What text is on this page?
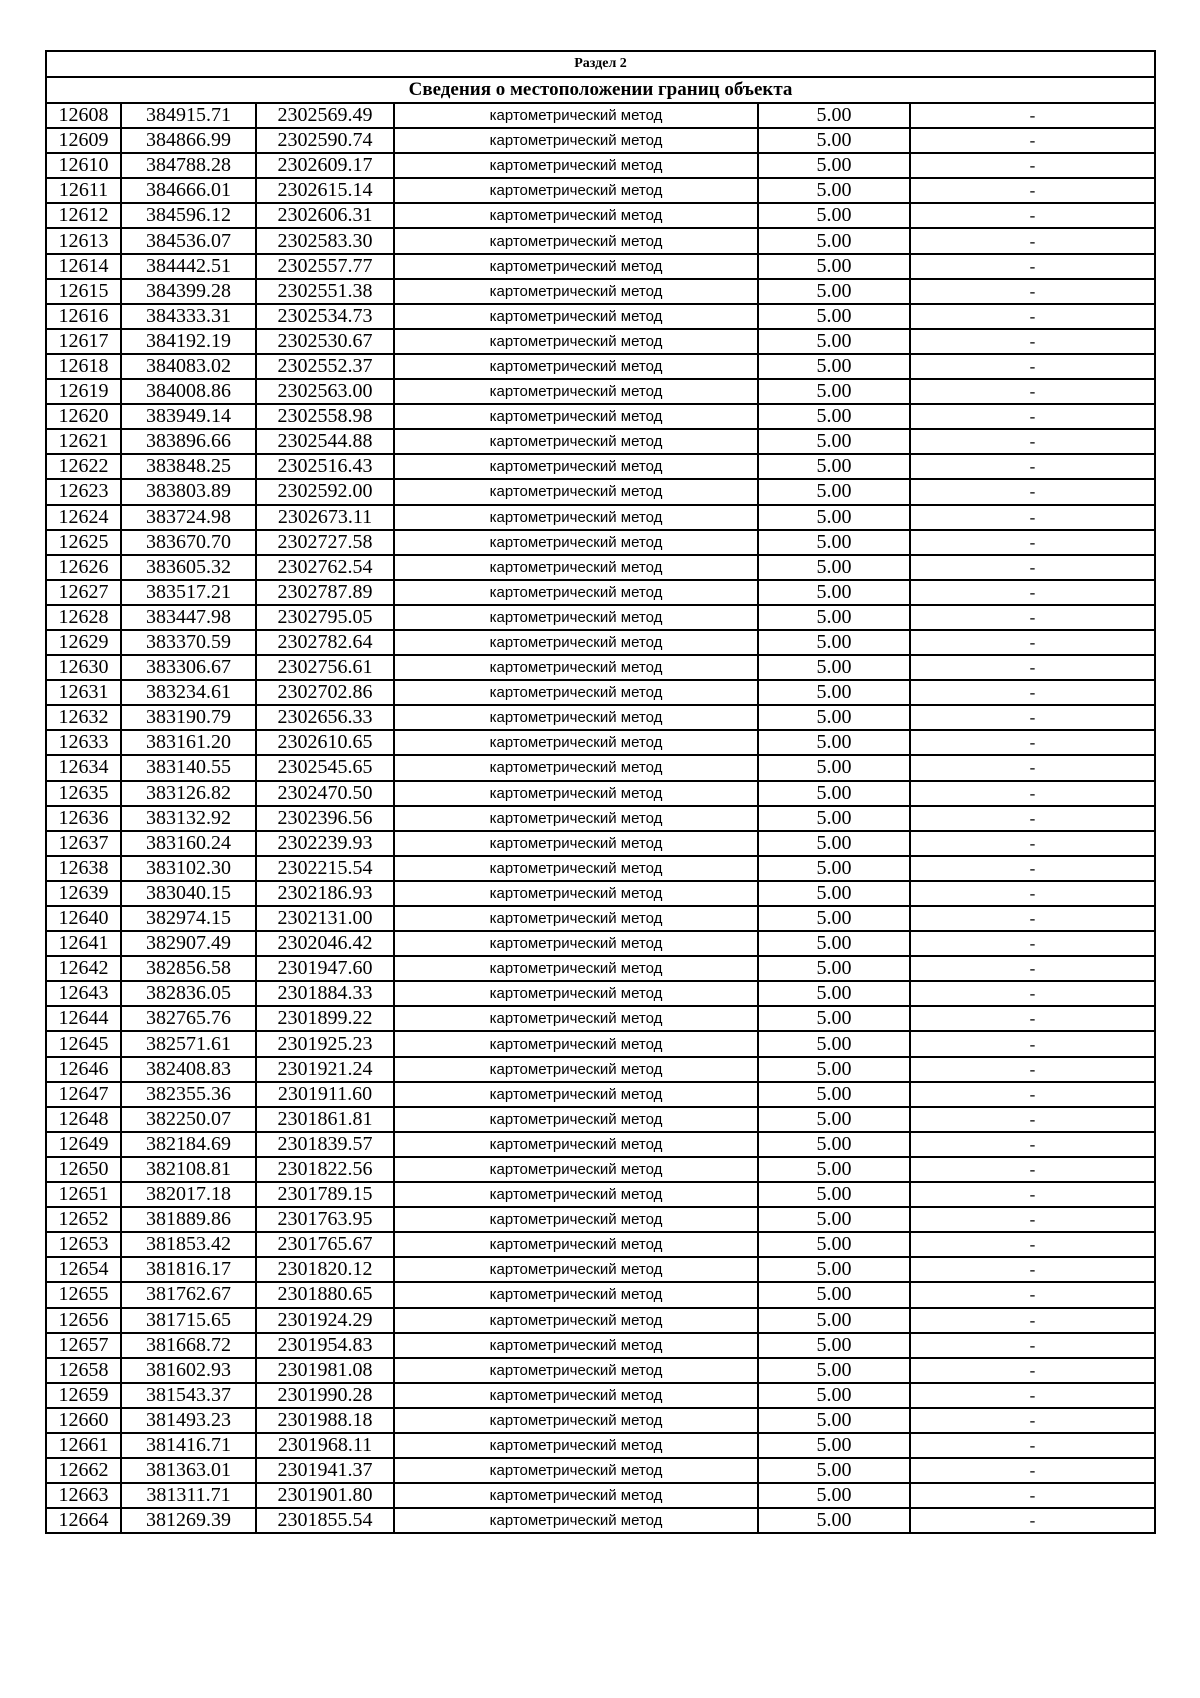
Раздел 2					
Сведения о местоположении границ объекта					
12608	384915.71	2302569.49	картометрический метод	5.00	-
12609	384866.99	2302590.74	картометрический метод	5.00	-
12610	384788.28	2302609.17	картометрический метод	5.00	-
12611	384666.01	2302615.14	картометрический метод	5.00	-
12612	384596.12	2302606.31	картометрический метод	5.00	-
12613	384536.07	2302583.30	картометрический метод	5.00	-
12614	384442.51	2302557.77	картометрический метод	5.00	-
12615	384399.28	2302551.38	картометрический метод	5.00	-
12616	384333.31	2302534.73	картометрический метод	5.00	-
12617	384192.19	2302530.67	картометрический метод	5.00	-
12618	384083.02	2302552.37	картометрический метод	5.00	-
12619	384008.86	2302563.00	картометрический метод	5.00	-
12620	383949.14	2302558.98	картометрический метод	5.00	-
12621	383896.66	2302544.88	картометрический метод	5.00	-
12622	383848.25	2302516.43	картометрический метод	5.00	-
12623	383803.89	2302592.00	картометрический метод	5.00	-
12624	383724.98	2302673.11	картометрический метод	5.00	-
12625	383670.70	2302727.58	картометрический метод	5.00	-
12626	383605.32	2302762.54	картометрический метод	5.00	-
12627	383517.21	2302787.89	картометрический метод	5.00	-
12628	383447.98	2302795.05	картометрический метод	5.00	-
12629	383370.59	2302782.64	картометрический метод	5.00	-
12630	383306.67	2302756.61	картометрический метод	5.00	-
12631	383234.61	2302702.86	картометрический метод	5.00	-
12632	383190.79	2302656.33	картометрический метод	5.00	-
12633	383161.20	2302610.65	картометрический метод	5.00	-
12634	383140.55	2302545.65	картометрический метод	5.00	-
12635	383126.82	2302470.50	картометрический метод	5.00	-
12636	383132.92	2302396.56	картометрический метод	5.00	-
12637	383160.24	2302239.93	картометрический метод	5.00	-
12638	383102.30	2302215.54	картометрический метод	5.00	-
12639	383040.15	2302186.93	картометрический метод	5.00	-
12640	382974.15	2302131.00	картометрический метод	5.00	-
12641	382907.49	2302046.42	картометрический метод	5.00	-
12642	382856.58	2301947.60	картометрический метод	5.00	-
12643	382836.05	2301884.33	картометрический метод	5.00	-
12644	382765.76	2301899.22	картометрический метод	5.00	-
12645	382571.61	2301925.23	картометрический метод	5.00	-
12646	382408.83	2301921.24	картометрический метод	5.00	-
12647	382355.36	2301911.60	картометрический метод	5.00	-
12648	382250.07	2301861.81	картометрический метод	5.00	-
12649	382184.69	2301839.57	картометрический метод	5.00	-
12650	382108.81	2301822.56	картометрический метод	5.00	-
12651	382017.18	2301789.15	картометрический метод	5.00	-
12652	381889.86	2301763.95	картометрический метод	5.00	-
12653	381853.42	2301765.67	картометрический метод	5.00	-
12654	381816.17	2301820.12	картометрический метод	5.00	-
12655	381762.67	2301880.65	картометрический метод	5.00	-
12656	381715.65	2301924.29	картометрический метод	5.00	-
12657	381668.72	2301954.83	картометрический метод	5.00	-
12658	381602.93	2301981.08	картометрический метод	5.00	-
12659	381543.37	2301990.28	картометрический метод	5.00	-
12660	381493.23	2301988.18	картометрический метод	5.00	-
12661	381416.71	2301968.11	картометрический метод	5.00	-
12662	381363.01	2301941.37	картометрический метод	5.00	-
12663	381311.71	2301901.80	картометрический метод	5.00	-
12664	381269.39	2301855.54	картометрический метод	5.00	-
